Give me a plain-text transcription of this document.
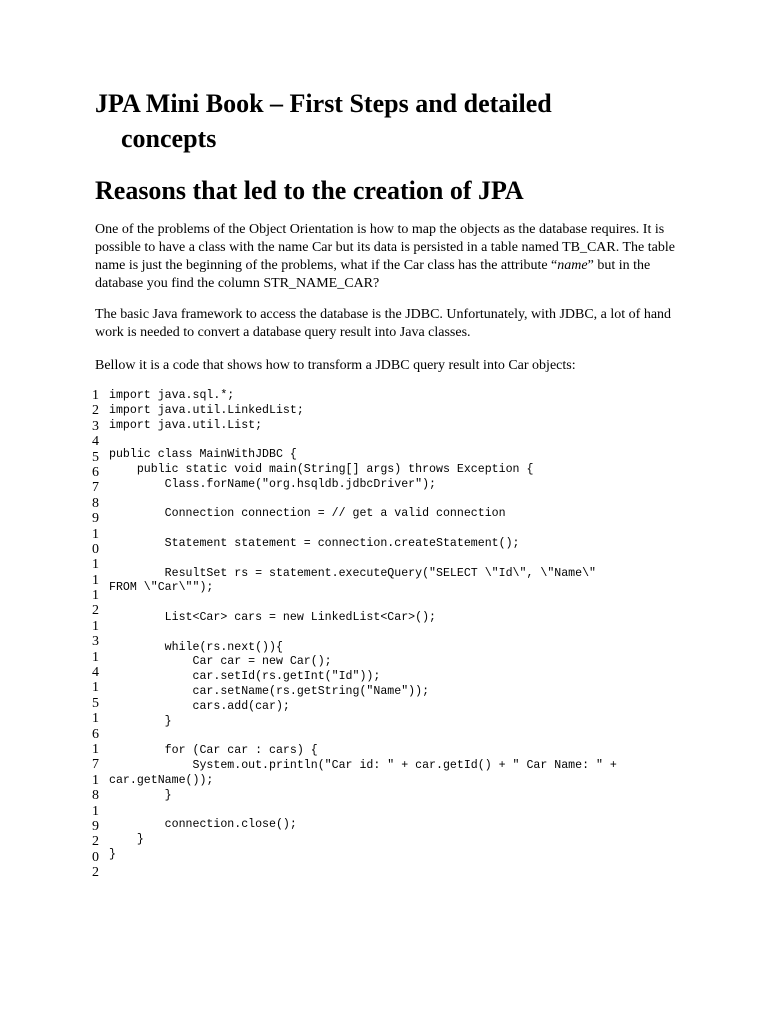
JPA Mini Book – First Steps and detailed
concepts
Reasons that led to the creation of JPA

One of the problems of the Object Orientation is how to map the objects as the database requires. It is possible to have a class with the name Car but its data is persisted in a table named TB_CAR. The table name is just the beginning of the problems, what if the Car class has the attribute “name” but in the database you find the column STR_NAME_CAR?

The basic Java framework to access the database is the JDBC. Unfortunately, with JDBC, a lot of hand work is needed to convert a database query result into Java classes.

Bellow it is a code that shows how to transform a JDBC query result into Car objects:

1
2
3
4
5
6
7
8
9
1
0
1
1
1
2
1
3
1
4
1
5
1
6
1
7
1
8
1
9
2
0
2
import java.sql.*;
import java.util.LinkedList;
import java.util.List;
public class MainWithJDBC {
public static void main(String[] args) throws Exception {
Class.forName("org.hsqldb.jdbcDriver");
Connection connection = // get a valid connection
Statement statement = connection.createStatement();
ResultSet rs = statement.executeQuery("SELECT \"Id\", \"Name\"
FROM \"Car\"");
List<Car> cars = new LinkedList<Car>();
while(rs.next()){
Car car = new Car();
car.setId(rs.getInt("Id"));
car.setName(rs.getString("Name"));
cars.add(car);
}
for (Car car : cars) {
System.out.println("Car id: " + car.getId() + " Car Name: " +
car.getName());
}
connection.close();
}
}
